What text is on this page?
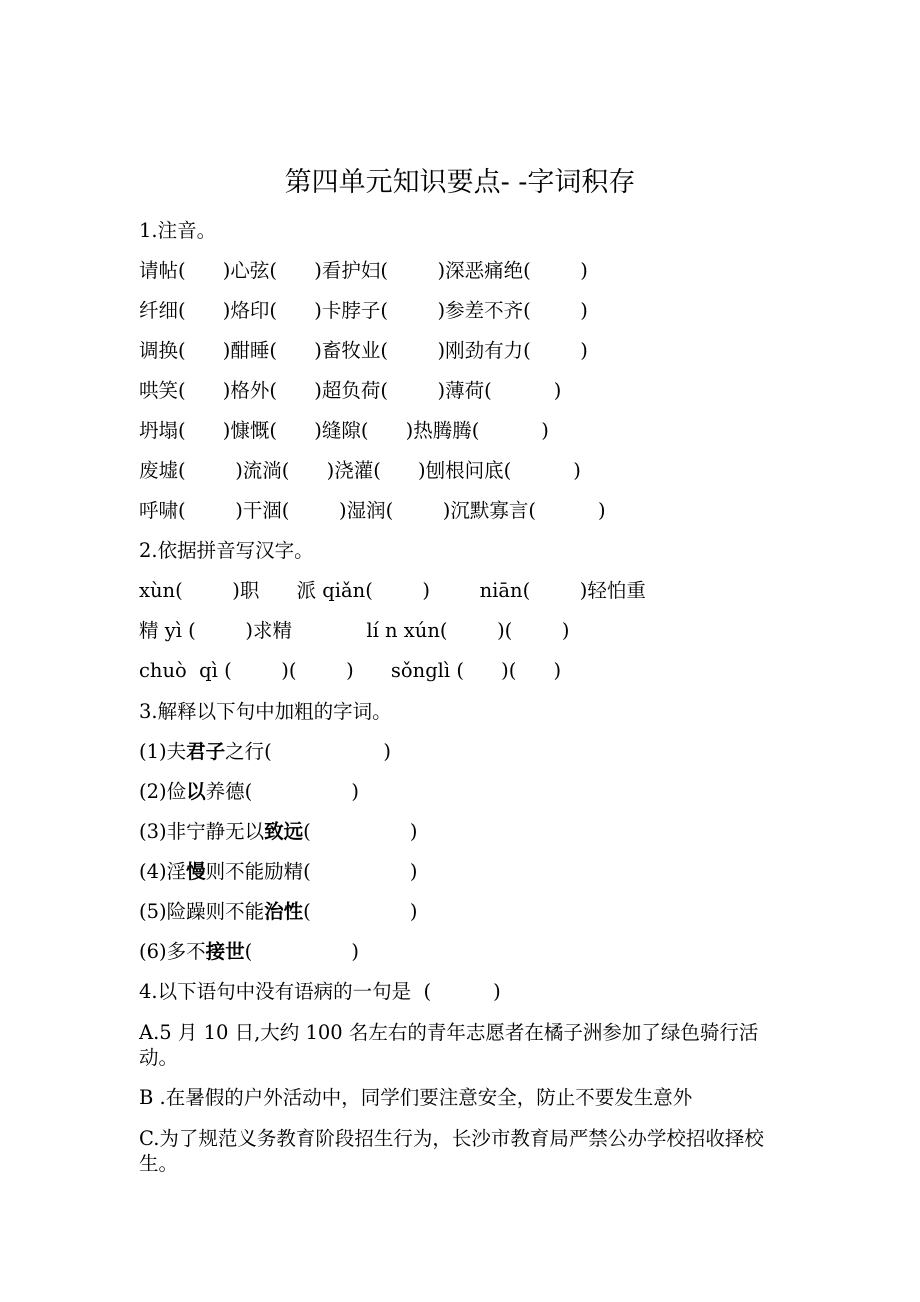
第四单元知识要点- -字词积存
1.注音。
请帖(      )心弦(      )看护妇(        )深恶痛绝(        )
纤细(      )烙印(      )卡脖子(        )参差不齐(        )
调换(      )酣睡(      )畜牧业(        )刚劲有力(        )
哄笑(      )格外(      )超负荷(        )薄荷(          )
坍塌(      )慷慨(      )缝隙(      )热腾腾(          )
废墟(        )流淌(      )浇灌(      )刨根问底(          )
呼啸(        )干涸(        )湿润(        )沉默寡言(          )
2.依据拼音写汉字。
xùn(        )职      派 qiǎn(        )        niān(        )轻怕重
精 yì (        )求精            lí n xún(        )(        )
chuò  qì (        )(        )      sǒnglì (      )(      )
3.解释以下句中加粗的字词。
(1)夫君子之行(                  )
(2)俭以养德(                )
(3)非宁静无以致远(                )
(4)淫慢则不能励精(                )
(5)险躁则不能治性(                )
(6)多不接世(                )
4.以下语句中没有语病的一句是  (          )
A.5 月 10 日,大约 100 名左右的青年志愿者在橘子洲参加了绿色骑行活动。
B .在暑假的户外活动中，同学们要注意安全，防止不要发生意外
C.为了规范义务教育阶段招生行为，长沙市教育局严禁公办学校招收择校生。
